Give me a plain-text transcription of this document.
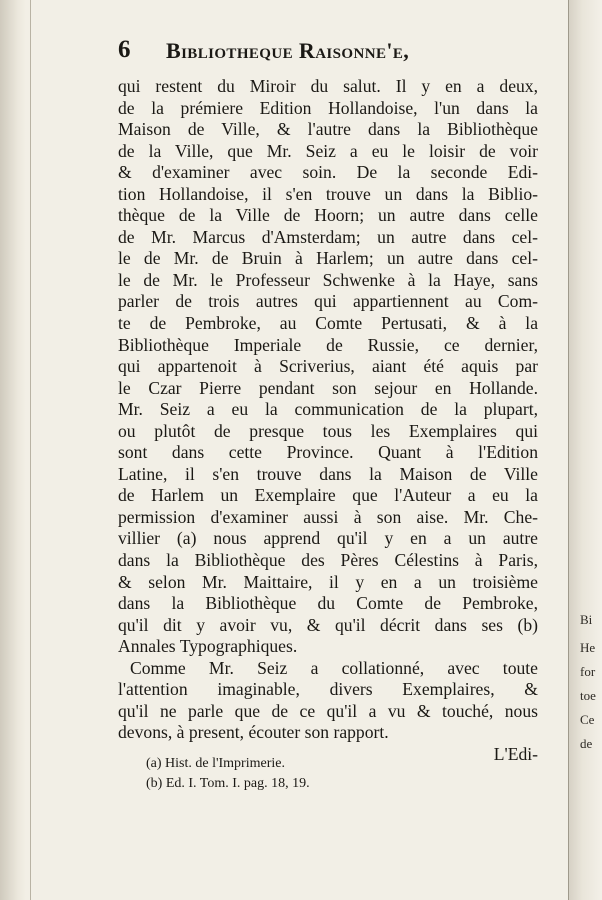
Bi
He
for
toe
Ce
de
6 Bibliotheque Raisonne'e,
qui restent du Miroir du salut. Il y en a deux,
de la prémiere Edition Hollandoise, l'un dans la
Maison de Ville, & l'autre dans la Bibliothèque
de la Ville, que Mr. Seiz a eu le loisir de voir
& d'examiner avec soin. De la seconde Edi-
tion Hollandoise, il s'en trouve un dans la Biblio-
thèque de la Ville de Hoorn; un autre dans celle
de Mr. Marcus d'Amsterdam; un autre dans cel-
le de Mr. de Bruin à Harlem; un autre dans cel-
le de Mr. le Professeur Schwenke à la Haye, sans
parler de trois autres qui appartiennent au Com-
te de Pembroke, au Comte Pertusati, & à la
Bibliothèque Imperiale de Russie, ce dernier,
qui appartenoit à Scriverius, aiant été aquis par
le Czar Pierre pendant son sejour en Hollande.
Mr. Seiz a eu la communication de la plupart,
ou plutôt de presque tous les Exemplaires qui
sont dans cette Province. Quant à l'Edition
Latine, il s'en trouve dans la Maison de Ville
de Harlem un Exemplaire que l'Auteur a eu la
permission d'examiner aussi à son aise. Mr. Che-
villier (a) nous apprend qu'il y en a un autre
dans la Bibliothèque des Pères Célestins à Paris,
& selon Mr. Maittaire, il y en a un troisième
dans la Bibliothèque du Comte de Pembroke,
qu'il dit y avoir vu, & qu'il décrit dans ses (b)
Annales Typographiques.
Comme Mr. Seiz a collationné, avec toute
l'attention imaginable, divers Exemplaires, &
qu'il ne parle que de ce qu'il a vu & touché, nous
devons, à present, écouter son rapport.
L'Edi-
(a) Hist. de l'Imprimerie.
(b) Ed. I. Tom. I. pag. 18, 19.
